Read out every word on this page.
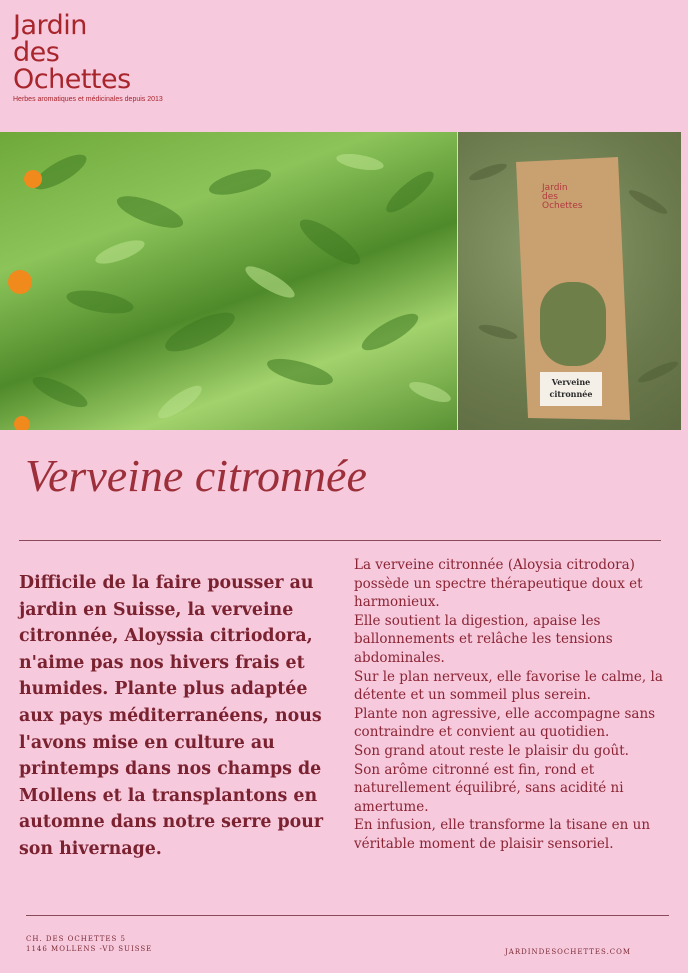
Jardin
des
Ochettes
Herbes aromatiques et médicinales depuis 2013
Verveine
citronnée
Jardin
des
Ochettes
Verveine citronnée

Difficile de la faire pousser au jardin en Suisse, la verveine citronnée, Aloyssia citriodora, n'aime pas nos hivers frais et humides. Plante plus adaptée aux pays méditerranéens, nous l'avons mise en culture au printemps dans nos champs de Mollens et la transplantons en automne dans notre serre pour son hivernage.

La verveine citronnée (Aloysia citrodora) possède un spectre thérapeutique doux et harmonieux.

Elle soutient la digestion, apaise les ballonnements et relâche les tensions abdominales.

Sur le plan nerveux, elle favorise le calme, la détente et un sommeil plus serein.

Plante non agressive, elle accompagne sans contraindre et convient au quotidien.

Son grand atout reste le plaisir du goût.

Son arôme citronné est fin, rond et naturellement équilibré, sans acidité ni amertume.

En infusion, elle transforme la tisane en un véritable moment de plaisir sensoriel.

CH. DES OCHETTES 5
1146 MOLLENS -VD SUISSE	JARDINDESOCHETTES.COM
